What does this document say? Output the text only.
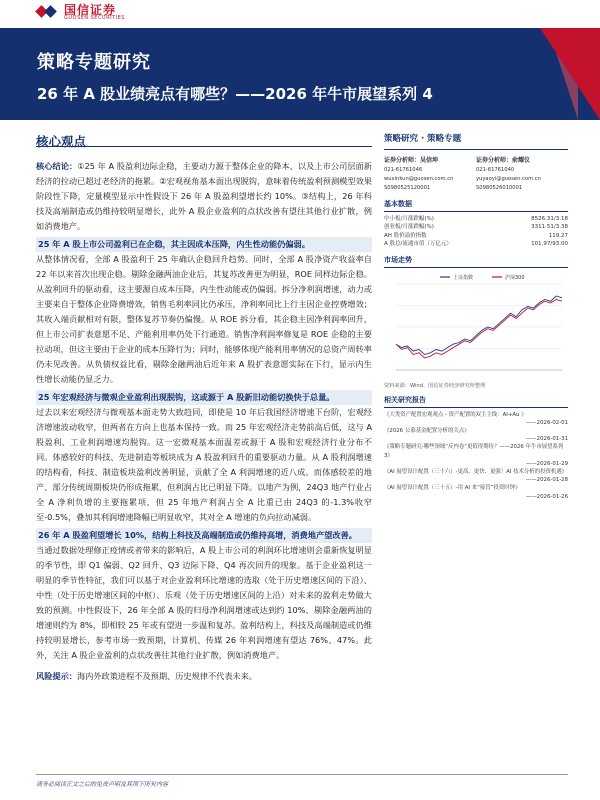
国信证券
GUOSEN SECURITIES
策略专题研究
26 年 A 股业绩亮点有哪些？——2026 年牛市展望系列 4
核心观点

核心结论：①25 年 A 股盈利边际企稳，主要动力源于整体企业的降本、以及上市公司层面新经济的拉动已超过老经济的拖累。②宏观视角基本面出现脱钩，意味着传统盈利预测模型效果阶段性下降，定量模型显示中性假设下 26 年 A 股盈利望增长约 10%。③结构上，26 年科技及高端制造或仍维持较明显增长，此外 A 股企业盈利的点状改善有望往其他行业扩散，例如消费地产。

25 年 A 股上市公司盈利已在企稳，其主因成本压降，内生性动能仍偏弱。

从整体情况看，全部 A 股盈利于 25 年确认企稳回升趋势。同时，全部 A 股净资产收益率自 22 年以来首次出现企稳。剔除金融两油企业后，其复苏改善更为明显，ROE 同样边际企稳。从盈利回升的驱动看，这主要源自成本压降，内生性动能或仍偏弱。拆分净利润增速，动力或主要来自于整体企业降费增效，销售毛利率同比仍承压，净利率同比上行主因企业控费增效；其收入端贡献相对有限，整体复苏节奏仍偏慢。从 ROE 拆分看，其企稳主因净利润率回升，但上市公司扩表意愿不足、产能利用率仍处下行通道。销售净利润率修复是 ROE 企稳的主要拉动项，但这主要由于企业的成本压降行为；同时，能够体现产能利用率情况的总资产周转率仍未见改善。从负债权益比看，剔除金融两油后近年来 A 股扩表意愿实际在下行，显示内生性增长动能仍显乏力。

25 年宏观经济与微观企业盈利出现脱钩，这或源于 A 股新旧动能切换快于总量。

过去以来宏观经济与微观基本面走势大致趋同，即使是 10 年后我国经济增速下台阶，宏观经济增速波动收窄，但两者在方向上也基本保持一致。而 25 年宏观经济走势前高后低，这与 A 股盈利、工业利润增速均脱钩。这一宏微观基本面温差或源于 A 股和宏观经济行业分布不同。体感较好的科技、先进制造等板块成为 A 股盈利回升的重要驱动力量。从 A 股利润增速的结构看，科技、制造板块盈利改善明显，贡献了全 A 利润增速的近八成。而体感较差的地产、部分传统周期板块仍形成拖累，但利润占比已明显下降。以地产为例，24Q3 地产行业占全 A 净利负增的主要拖累项，但 25 年地产利润占全 A 比重已由 24Q3 的-1.3%收窄至-0.5%，叠加其利润增速降幅已明显收窄，其对全 A 增速的负向拉动减弱。

26 年 A 股盈利望增长 10%，结构上科技及高端制造或仍维持高增，消费地产望改善。

当通过数据处理修正疫情或者带来的影响后，A 股上市公司的利润环比增速则会重新恢复明显的季节性，即 Q1 偏弱、Q2 回升、Q3 边际下降、Q4 再次回升的现象。基于企业盈利这一明显的季节性特征，我们可以基于对企业盈利环比增速的选取（处于历史增速区间的下沿）、中性（处于历史增速区间的中枢）、乐观（处于历史增速区间的上沿）对未来的盈利走势做大致的预测。中性假设下，26 年全部 A 股的归母净利润增速或达到约 10%、剔除金融两油的增速则约为 8%，即相较 25 年或有望进一步温和复苏。盈利结构上，科技及高端制造或仍维持较明显增长，参考市场一致预期，计算机、传媒 26 年利润增速有望达 76%、47%。此外，关注 A 股企业盈利的点状改善往其他行业扩散，例如消费地产。

风险提示：海内外政策进程不及预期、历史规律不代表未来。

策略研究 · 策略专题
证券分析师：吴信坤
021-61761046
wuxinkun@guosen.com.cn
S0980525120001
证券分析师：俞耀仪
021-61761040
yuyaoyi@guosen.com.cn
S0980526010001
基本数据
中小板/月涨跌幅(%)	8526.31/3.18
创业板/月涨跌幅(%)	3311.51/3.38
AH 股价溢价指数	119.27
A 股总/流通市值（万亿元）	101.97/93.00
市场走势
上证指数	沪深300
资料来源：Wind、国信证券经济研究所整理
相关研究报告
《大类资产配置宏观观点 - 资产配置的双主主线：AI+Au 》
——2026-02-01
《2026 公募基金配置分析的关点》
——2026-01-31
《策略专题研究-哪些领域“反内卷”更值得期待？——2026 年牛市展望系列 3》
——2026-01-29
《AI 展望设计配置（三十六）-更高、更快、更强！AI 技术分析的投资机遇》
——2026-01-28
《AI 展望设计配置（三十五）-用 AI 来“接管”投资时钟》
——2026-01-26
请务必阅读正文之后的免责声明及其项下所有内容
